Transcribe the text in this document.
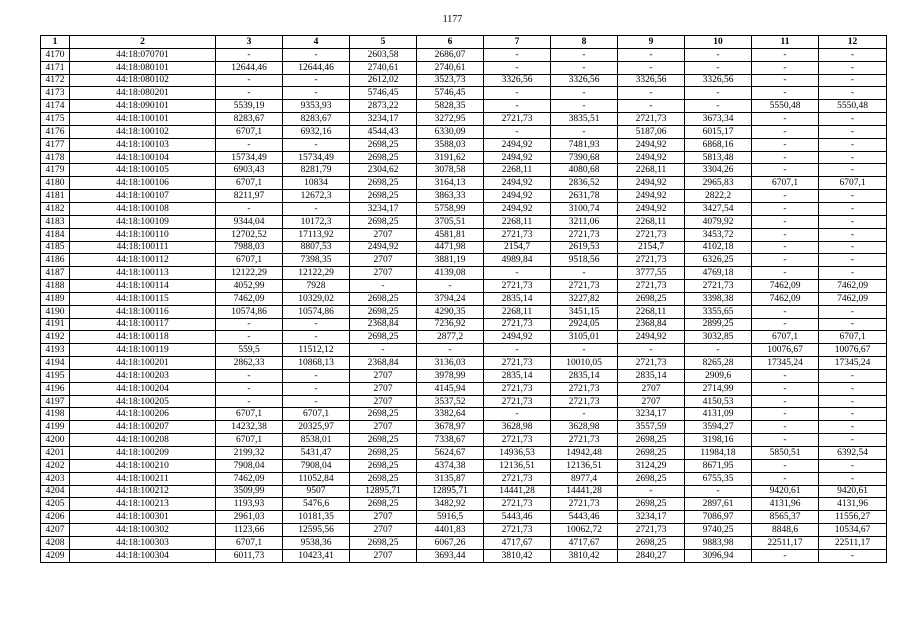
1177
1	2	3	4	5	6	7	8	9	10	11	12
4170	44:18:070701	-	-	2603,58	2686,07	-	-	-	-	-	-
4171	44:18:080101	12644,46	12644,46	2740,61	2740,61	-	-	-	-	-	-
4172	44:18:080102	-	-	2612,02	3523,73	3326,56	3326,56	3326,56	3326,56	-	-
4173	44:18:080201	-	-	5746,45	5746,45	-	-	-	-	-	-
4174	44:18:090101	5539,19	9353,93	2873,22	5828,35	-	-	-	-	5550,48	5550,48
4175	44:18:100101	8283,67	8283,67	3234,17	3272,95	2721,73	3835,51	2721,73	3673,34	-	-
4176	44:18:100102	6707,1	6932,16	4544,43	6330,09	-	-	5187,06	6015,17	-	-
4177	44:18:100103	-	-	2698,25	3588,03	2494,92	7481,93	2494,92	6868,16	-	-
4178	44:18:100104	15734,49	15734,49	2698,25	3191,62	2494,92	7390,68	2494,92	5813,48	-	-
4179	44:18:100105	6903,43	8281,79	2304,62	3078,58	2268,11	4080,68	2268,11	3304,26	-	-
4180	44:18:100106	6707,1	10834	2698,25	3164,13	2494,92	2836,52	2494,92	2965,83	6707,1	6707,1
4181	44:18:100107	8211,97	12672,3	2698,25	3863,33	2494,92	2631,78	2494,92	2822,2	-	-
4182	44:18:100108	-	-	3234,17	5758,99	2494,92	3100,74	2494,92	3427,54	-	-
4183	44:18:100109	9344,04	10172,3	2698,25	3705,51	2268,11	3211,06	2268,11	4079,92	-	-
4184	44:18:100110	12702,52	17113,92	2707	4581,81	2721,73	2721,73	2721,73	3453,72	-	-
4185	44:18:100111	7988,03	8807,53	2494,92	4471,98	2154,7	2619,53	2154,7	4102,18	-	-
4186	44:18:100112	6707,1	7398,35	2707	3881,19	4989,84	9518,56	2721,73	6326,25	-	-
4187	44:18:100113	12122,29	12122,29	2707	4139,08	-	-	3777,55	4769,18	-	-
4188	44:18:100114	4052,99	7928	-	-	2721,73	2721,73	2721,73	2721,73	7462,09	7462,09
4189	44:18:100115	7462,09	10329,02	2698,25	3794,24	2835,14	3227,82	2698,25	3398,38	7462,09	7462,09
4190	44:18:100116	10574,86	10574,86	2698,25	4290,35	2268,11	3451,15	2268,11	3355,65	-	-
4191	44:18:100117	-	-	2368,84	7236,92	2721,73	2924,05	2368,84	2899,25	-	-
4192	44:18:100118	-	-	2698,25	2877,2	2494,92	3105,01	2494,92	3032,85	6707,1	6707,1
4193	44:18:100119	559,5	11512,12	-	-	-	-	-	-	10076,67	10076,67
4194	44:18:100201	2862,33	10868,13	2368,84	3136,03	2721,73	10010,05	2721,73	8265,28	17345,24	17345,24
4195	44:18:100203	-	-	2707	3978,99	2835,14	2835,14	2835,14	2909,6	-	-
4196	44:18:100204	-	-	2707	4145,94	2721,73	2721,73	2707	2714,99	-	-
4197	44:18:100205	-	-	2707	3537,52	2721,73	2721,73	2707	4150,53	-	-
4198	44:18:100206	6707,1	6707,1	2698,25	3382,64	-	-	3234,17	4131,09	-	-
4199	44:18:100207	14232,38	20325,97	2707	3678,97	3628,98	3628,98	3557,59	3594,27	-	-
4200	44:18:100208	6707,1	8538,01	2698,25	7338,67	2721,73	2721,73	2698,25	3198,16	-	-
4201	44:18:100209	2199,32	5431,47	2698,25	5624,67	14936,53	14942,48	2698,25	11984,18	5850,51	6392,54
4202	44:18:100210	7908,04	7908,04	2698,25	4374,38	12136,51	12136,51	3124,29	8671,95	-	-
4203	44:18:100211	7462,09	11052,84	2698,25	3135,87	2721,73	8977,4	2698,25	6755,35	-	-
4204	44:18:100212	3509,99	9507	12895,71	12895,71	14441,28	14441,28	-	-	9420,61	9420,61
4205	44:18:100213	1193,93	5476,6	2698,25	3482,92	2721,73	2721,73	2698,25	2897,61	4131,96	4131,96
4206	44:18:100301	2961,03	10181,35	2707	5916,5	5443,46	5443,46	3234,17	7086,97	8565,37	11556,27
4207	44:18:100302	1123,66	12595,56	2707	4401,83	2721,73	10062,72	2721,73	9740,25	8848,6	10534,67
4208	44:18:100303	6707,1	9538,36	2698,25	6067,26	4717,67	4717,67	2698,25	9883,98	22511,17	22511,17
4209	44:18:100304	6011,73	10423,41	2707	3693,44	3810,42	3810,42	2840,27	3096,94	-	-
